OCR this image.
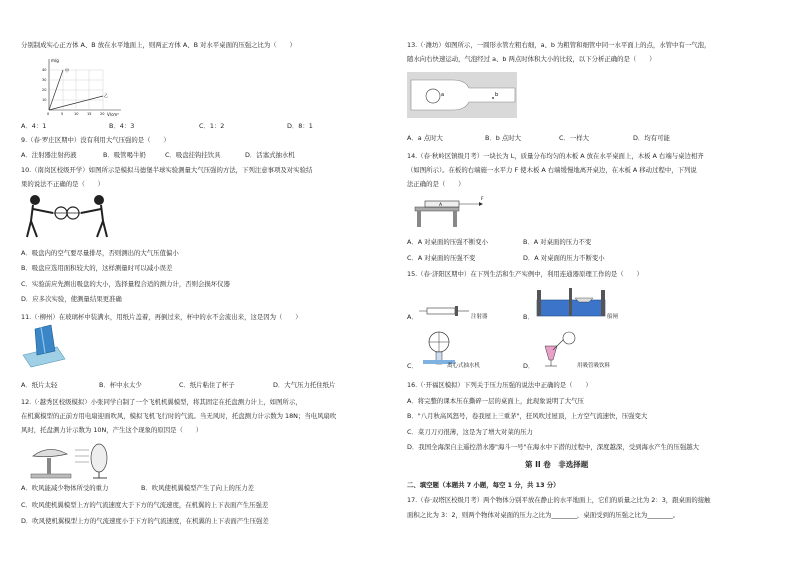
分别制成实心正方体 A、B 放在水平地面上，则两正方体 A、B 对水平桌面的压强之比为（　　）
m/g
V/cm³
甲
乙
40
30
20
10
0	5	10 15 20
A．4：1	B．4：3	C．1：2	D．8：1
9.（春·罗庄区期中）没有利用大气压强的是（　　）
A．注射器注射药液	B．吸管喝牛奶	C．吸盘挂钩挂饮具	D．活塞式抽水机
10.（南岗区校级开学）如图所示是模拟马德堡半球实验测量大气压强的方法，下列注意事项及对实验结
果的说法不正确的是（　　）
A．吸盘内的空气要尽量排尽，否则测出的大气压值偏小
B．吸盘应选用面积较大的，这样测量时可以减小误差
C．实验前应先测出吸盘的大小，选择量程合适的测力计，否则会损坏仪器
D．应多次实验，使测量结果更准确
11.（·柳州）在玻璃杯中装满水，用纸片盖着，再倒过来，杯中的水不会流出来，这是因为（　　）
A．纸片太轻	B．杯中水太少	C．纸片粘住了杯子	D．大气压力托住纸片
12.（·越秀区校级模拟）小张同学自制了一个飞机机翼模型，将其固定在托盘测力计上，如图所示，
在机翼模型的正前方用电扇迎面吹风，模拟飞机飞行时的气流。当无风时，托盘测力计示数为 18N；当电风扇吹
风时，托盘测力计示数为 10N，产生这个现象的原因是（　　）
A．吹风能减少物体所受的重力	B．吹风使机翼模型产生了向上的压力差
C．吹风使机翼模型上方的气流速度大于下方的气流速度，在机翼的上下表面产生压强差
D．吹风使机翼模型上方的气流速度小于下方的气流速度，在机翼的上下表面产生压强差
13.（·潍坊）如图所示，一圆形水管左粗右细，a、b 为粗管和细管中同一水平面上的点，水管中有一气泡，
随水向右快速运动，气泡经过 a、b 两点时体积大小的比较，以下分析正确的是（　　）
a	b
A．a 点时大	B．b 点时大	C．一样大	D．均有可能
14.（春·秋岭区镇级月考）一块长为 L，质量分布均匀的木板 A 放在水平桌面上，木板 A 右端与桌边相齐
（如图所示）。在板的右端施一水平力 F 使木板 A 右端缓慢地离开桌边，在木板 A 移动过程中，下列说
法正确的是（　　）
A
F
A．A 对桌面的压强不断变小	B．A 对桌面的压力不变
C．A 对桌面的压强不变	D．A 对桌面的压力不断变小
15.（春·济阳区期中）在下列生活和生产实例中，利用连通器原理工作的是（　　）
A．	注射器	B．	船闸
C．	离心式抽水机	D．	用吸管吸饮料
16.（·开福区模拟）下列关于压力压强的说法中正确的是（　　）
A．将完整的课本压在撕碎一层的桌面上，此现象说明了大气压
B．"八月秋高风怒号，卷我屋上三重茅"，狂风吹过屋顶，上方空气流速快，压强变大
C．菜刀刀刃很薄，这是为了增大对菜的压力
D．我国全海深自主遥控潜水器"海斗一号"在海水中下潜的过程中，深度越深，受到海水产生的压强越大
第 II 卷　非选择题
二、填空题（本题共 7 小题，每空 1 分，共 13 分）
17.（春·双塔区校级月考）两个物体分别平放在静止的水平地面上，它们的质量之比为 2：3，跟桌面的接触
面积之比为 3：2，则两个物体对桌面的压力之比为________，桌面受到的压强之比为________。
